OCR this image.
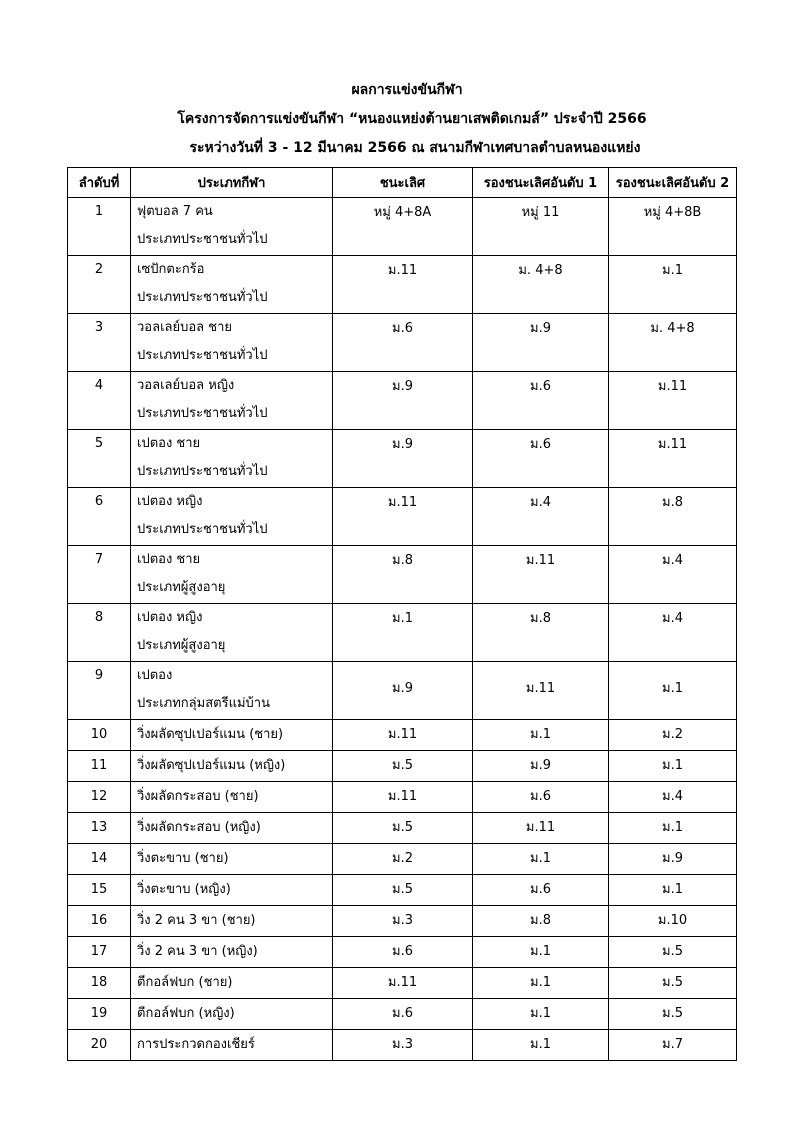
ผลการแข่งขันกีฬา
โครงการจัดการแข่งขันกีฬา “หนองแหย่งต้านยาเสพติดเกมส์” ประจำปี 2566
ระหว่างวันที่ 3 - 12 มีนาคม 2566 ณ สนามกีฬาเทศบาลตำบลหนองแหย่ง
ลำดับที่	ประเภทกีฬา	ชนะเลิศ	รองชนะเลิศอันดับ 1	รองชนะเลิศอันดับ 2

1	ฟุตบอล 7 คน
ประเภทประชาชนทั่วไป	หมู่ 4+8A	หมู่ 11	หมู่ 4+8B

2	เซปักตะกร้อ
ประเภทประชาชนทั่วไป	ม.11	ม. 4+8	ม.1

3	วอลเลย์บอล ชาย
ประเภทประชาชนทั่วไป	ม.6	ม.9	ม. 4+8

4	วอลเลย์บอล หญิง
ประเภทประชาชนทั่วไป	ม.9	ม.6	ม.11

5	เปตอง ชาย
ประเภทประชาชนทั่วไป	ม.9	ม.6	ม.11

6	เปตอง หญิง
ประเภทประชาชนทั่วไป	ม.11	ม.4	ม.8

7	เปตอง ชาย
ประเภทผู้สูงอายุ	ม.8	ม.11	ม.4

8	เปตอง หญิง
ประเภทผู้สูงอายุ	ม.1	ม.8	ม.4

9	เปตอง
ประเภทกลุ่มสตรีแม่บ้าน	ม.9	ม.11	ม.1

10	วิ่งผลัดซุปเปอร์แมน (ชาย)	ม.11	ม.1	ม.2
11	วิ่งผลัดซุปเปอร์แมน (หญิง)	ม.5	ม.9	ม.1
12	วิ่งผลัดกระสอบ (ชาย)	ม.11	ม.6	ม.4
13	วิ่งผลัดกระสอบ (หญิง)	ม.5	ม.11	ม.1
14	วิ่งตะขาบ (ชาย)	ม.2	ม.1	ม.9
15	วิ่งตะขาบ (หญิง)	ม.5	ม.6	ม.1
16	วิ่ง 2 คน 3 ขา (ชาย)	ม.3	ม.8	ม.10
17	วิ่ง 2 คน 3 ขา (หญิง)	ม.6	ม.1	ม.5
18	ตีกอล์ฟบก (ชาย)	ม.11	ม.1	ม.5
19	ตีกอล์ฟบก (หญิง)	ม.6	ม.1	ม.5
20	การประกวดกองเชียร์	ม.3	ม.1	ม.7
